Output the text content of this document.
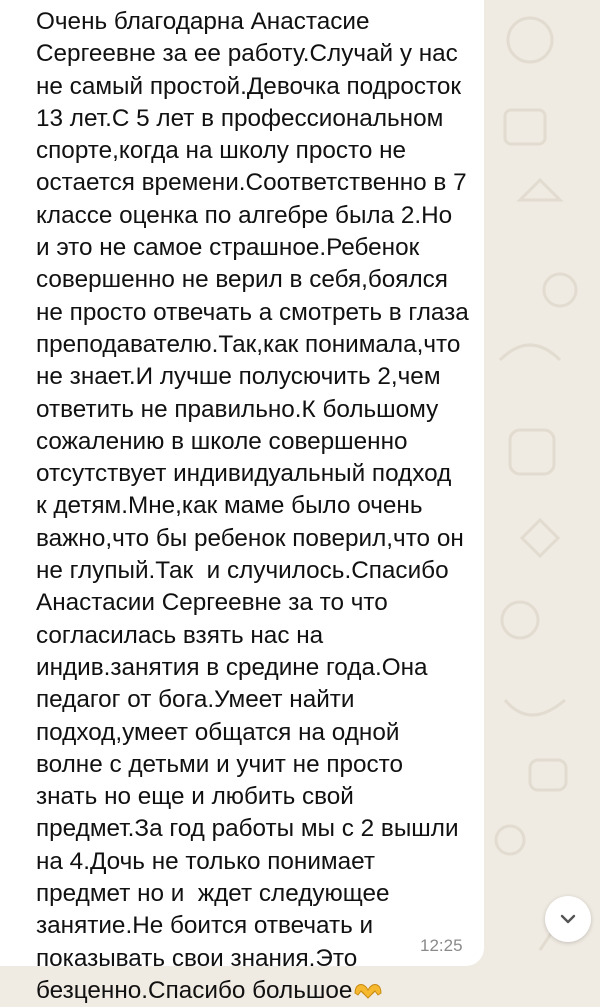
Очень благодарна Анастасие
Сергеевне за ее работу.Случай у нас
не самый простой.Девочка подросток
13 лет.С 5 лет в профессиональном
спорте,когда на школу просто не
остается времени.Соответственно в 7
классе оценка по алгебре была 2.Но
и это не самое страшное.Ребенок
совершенно не верил в себя,боялся
не просто отвечать а смотреть в глаза
преподавателю.Так,как понимала,что
не знает.И лучше полусючить 2,чем
ответить не правильно.К большому
сожалению в школе совершенно
отсутствует индивидуальный подход
к детям.Мне,как маме было очень
важно,что бы ребенок поверил,что он
не глупый.Так  и случилось.Спасибо
Анастасии Сергеевне за то что
согласилась взять нас на
индив.занятия в средине года.Она
педагог от бога.Умеет найти
подход,умеет общатся на одной
волне с детьми и учит не просто
знать но еще и любить свой
предмет.За год работы мы с 2 вышли
на 4.Дочь не только понимает
предмет но и  ждет следующее
занятие.Не боится отвечать и
показывать свои знания.Это
безценно.Спасибо большое

12:25
